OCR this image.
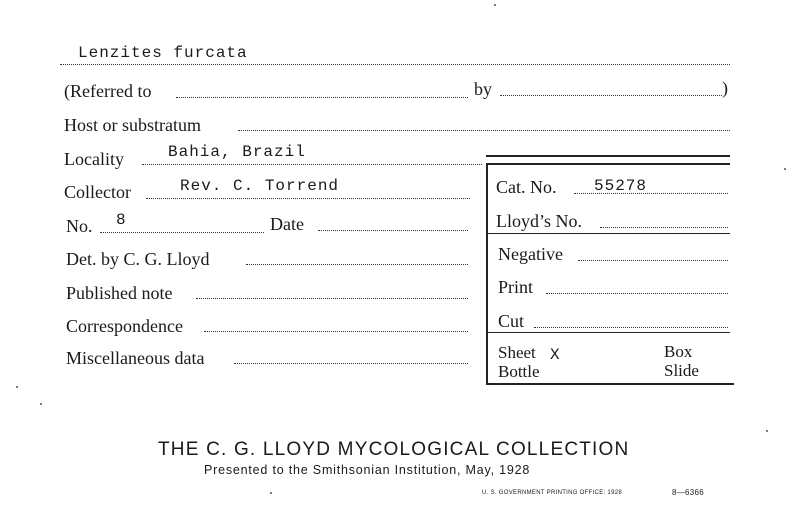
Lenzites furcata
(Referred to	by	)
Host or substratum
Locality	Bahia, Brazil
Collector	Rev. C. Torrend	Cat. No. 55278
No. 8	Date	Lloyd’s No.
Det. by C. G. Lloyd	Negative
Published note	Print
Correspondence	Cut
Miscellaneous data	Sheet X	Box
Bottle	Slide
THE C. G. LLOYD MYCOLOGICAL COLLECTION
Presented to the Smithsonian Institution, May, 1928
U. S. GOVERNMENT PRINTING OFFICE: 1928	8—6366
